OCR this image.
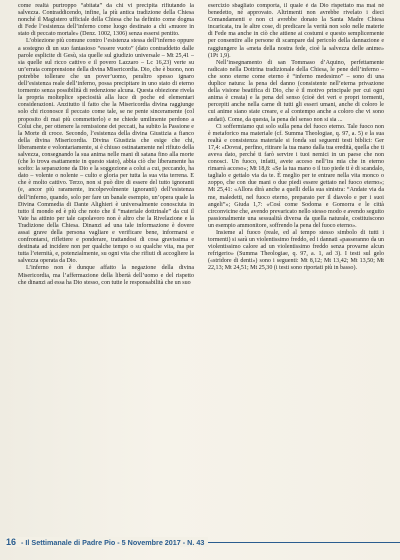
come realtà purtroppo “abitata” da chi vi precipita rifiutando la salvezza. Contraddicendo, infine, la più antica tradizione della Chiesa nonché il Magistero ufficiale della Chiesa che ha definito come dogma di Fede l’esistenza dell’inferno come luogo destinato a chi «muore in stato di peccato mortale» (Denz. 1002, 1306) senza essersi pentito.

L’obiezione più comune contro l’esistenza stessa dell’inferno oppure a sostegno di un suo fantasioso “essere vuoto” (dato contraddetto dalle parole esplicite di Gesù, sia quelle sul giudizio universale – Mt 25,41 – sia quelle sul ricco cattivo e il povero Lazzaro – Lc 16,23) verte su un’errata comprensione della divina Misericordia. Dio, che è buono, non potrebbe tollerare che un pover’uomo, peraltro spesso ignaro dell’esistenza reale dell’inferno, possa precipitare in uno stato di eterno tormento senza possibilità di redenzione alcuna. Questa obiezione rivela la propria molteplice speciosità alla luce di poche ed elementari considerazioni. Anzitutto il fatto che la Misericordia divina raggiunge solo chi riconosce il peccato come tale, se ne pente sinceramente (col proposito di mai più commetterlo) e ne chiede umilmente perdono a Colui che, per ottenere la remissione dei peccati, ha subito la Passione e la Morte di croce. Secondo, l’esistenza della divina Giustizia a fianco della divina Misericordia. Divina Giustizia che esige che chi, liberamente e volontariamente, si è chiuso ostinatamente nel rifiuto della salvezza, consegnando la sua anima nelle mani di satana fino alla morte (che lo trova esattamente in questo stato), abbia ciò che liberamente ha scelto: la separazione da Dio e la soggezione a colui a cui, peccando, ha dato – volente o nolente – culto e gloria per tutta la sua vita terrena. E che è molto cattivo. Terzo, non si può dire di essere del tutto ignoranti (e, ancor più raramente, incolpevolmente ignoranti) dell’esistenza dell’inferno, quando, solo per fare un banale esempio, un’opera quale la Divina Commedia di Dante Alighieri è universalmente conosciuta in tutto il mondo ed è più che noto che il “materiale dottrinale” da cui il Vate ha attinto per tale capolavoro non è altro che la Rivelazione e la Tradizione della Chiesa. Dinanzi ad una tale informazione è dovere assai grave della persona vagliare e verificare bene, informarsi e confrontarsi, riflettere e ponderare, trattandosi di cosa gravissima e destinata ad incidere non per qualche tempo o su qualche vita, ma per tutta l’eternità, e, potenzialmente, su ogni vita che rifiuti di accogliere la salvezza operata da Dio.

L’inferno non è dunque affatto la negazione della divina Misericordia, ma l’affermazione della libertà dell’uomo e del rispetto che dinanzi ad essa ha Dio stesso, con tutte le responsabilità che un suo

esercizio sbagliato comporta, il quale è da Dio rispettato ma mai né benedetto, né approvato. Altrimenti non avrebbe rivelato i dieci Comandamenti e non ci avrebbe donato la Santa Madre Chiesa incaricata, tra le altre cose, di predicare la verità non solo nelle materie di Fede ma anche in ciò che attiene ai costumi e questo semplicemente per consentire alle persone di scampare dal pericolo della dannazione e raggiungere la «meta della nostra fede, cioè la salvezza delle anime» (1Pt 1,9).

Nell’insegnamento di san Tommaso d’Aquino, perfettamente radicato nella Dottrina tradizionale della Chiesa, le pene dell’inferno – che sono eterne come eterno è “inferno medesimo” – sono di una duplice natura: la pena del danno (consistente nell’eterna privazione della visione beatifica di Dio, che è il motivo principale per cui ogni anima è creata) e la pena del senso (cioè dei veri e propri tormenti, percepiti anche nella carne di tutti gli esseri umani, anche di coloro le cui anime siano state creare, e al contempo anche a coloro che vi sono andati). Come, da questa, la pena del senso non si sia ...

Ci soffermiamo qui solo sulla pena del fuoco eterno. Tale fuoco non è metaforico ma materiale (cf. Summa Theologiae, q. 97, a. 5) e la sua realtà e consistenza materiale si fonda sui seguenti testi biblici: Ger 17,4: «Dovrai, perfino, ritirare la tua mano dalla tua eredità, quella che ti aveva dato, perché ti farò servire i tuoi nemici in un paese che non conosci. Un fuoco, infatti, avete acceso nell’ira mia che in eterno rimarrà acceso»; Mt 18,8: «Se la tua mano o il tuo piede ti è di scandalo, taglialo e gettalo via da te. È meglio per te entrare nella vita monco o zoppo, che con due mani o due piedi essere gettato nel fuoco eterno»; Mt 25,41: «Allora dirà anche a quelli della sua sinistra: “Andate via da me, maledetti, nel fuoco eterno, preparato per il diavolo e per i suoi angeli”»; Giuda 1,7: «Così come Sodoma e Gomorra e le città circonvicine che, avendo prevaricato nello stesso modo e avendo seguito passionalmente una sessualità diversa da quella naturale, costituiscono un esempio ammonitore, soffrendo la pena del fuoco eterno».

Insieme al fuoco (reale, ed al tempo stesso simbolo di tutti i tormenti) si sarà un violentissimo freddo, ed i dannati «passeranno da un violentissimo calore ad un violentissimo freddo senza provarne alcun refrigerio» (Summa Theologiae, q. 97, a. 1, ad 3). I testi sul gelo («stridore di denti») sono i seguenti: Mt 8,12; Mt 13,42; Mt 13,50; Mt 22,13; Mt 24,51; Mt 25,30 (i testi sono riportati più in basso).

16 - Il Settimanale di Padre Pio - 5 Novembre 2017 - N. 43
